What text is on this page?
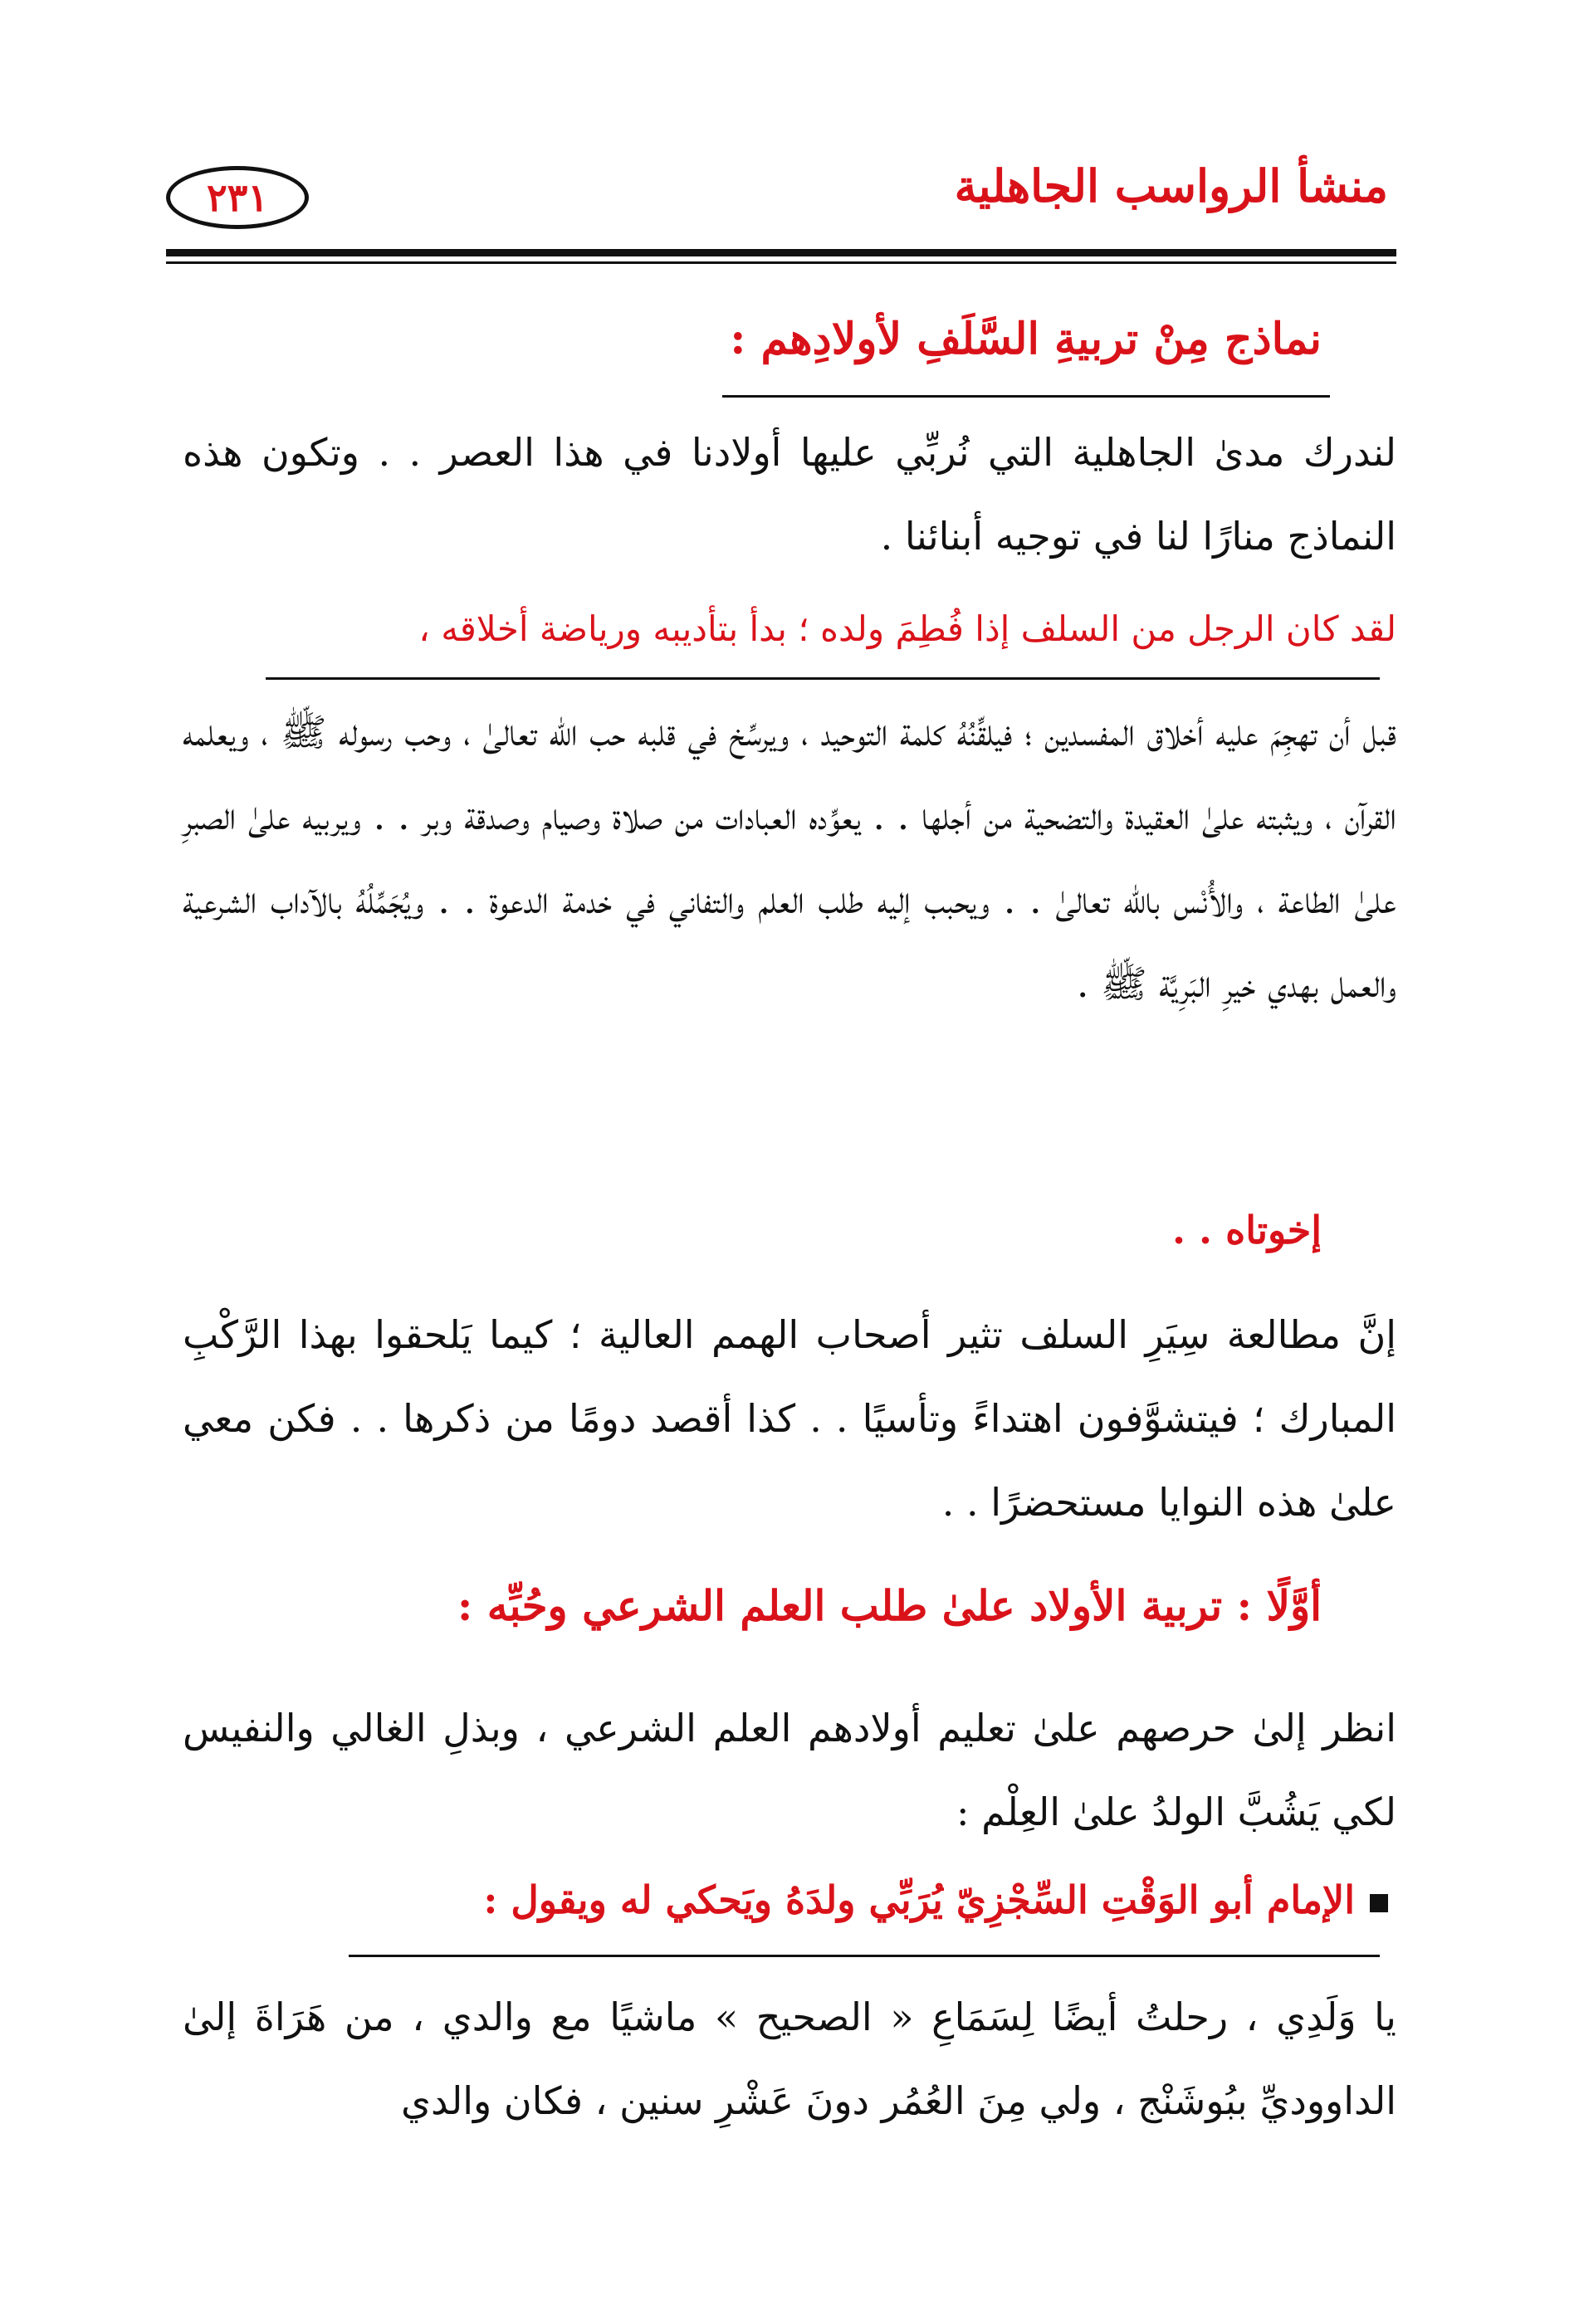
منشأ الرواسب الجاهلية
٢٣١
نماذج مِنْ تربيةِ السَّلَفِ لأولادِهم :

لندرك مدىٰ الجاهلية التي نُربِّي عليها أولادنا في هذا العصر . . وتكون هذه النماذج منارًا لنا في توجيه أبنائنا .

لقد كان الرجل من السلف إذا فُطِمَ ولده ؛ بدأ بتأديبه ورياضة أخلاقه ،

قبل أن تهجِمَ عليه أخلاق المفسدين ؛ فيلقِّنُهُ كلمة التوحيد ، ويرسِّخ في قلبه حب اللّٰه تعالىٰ ، وحب رسوله ﷺ ، ويعلمه القرآن ، ويثبته علىٰ العقيدة والتضحية من أجلها . . يعوِّده العبادات من صلاة وصيام وصدقة وبر . . ويربيه علىٰ الصبرِ علىٰ الطاعة ، والأُنْس باللّٰه تعالىٰ . . ويحبب إليه طلب العلم والتفاني في خدمة الدعوة . . ويُجَمِّلُهُ بالآداب الشرعية والعمل بهدي خيرِ البَرِيَّة ﷺ .

إخوتاه . .

إنَّ مطالعة سِيَرِ السلف تثير أصحاب الهمم العالية ؛ كيما يَلحقوا بهذا الرَّكْبِ المبارك ؛ فيتشوَّفون اهتداءً وتأسيًا . . كذا أقصد دومًا من ذكرها . . فكن معي علىٰ هذه النوايا مستحضرًا . .

أوَّلًا : تربية الأولاد علىٰ طلب العلم الشرعي وحُبِّه :

انظر إلىٰ حرصهم علىٰ تعليم أولادهم العلم الشرعي ، وبذلِ الغالي والنفيس لكي يَشُبَّ الولدُ علىٰ العِلْم :

الإمام أبو الوَقْتِ السِّجْزِيّ يُرَبِّي ولدَهُ ويَحكي له ويقول :

يا وَلَدِي ، رحلتُ أيضًا لِسَمَاعِ « الصحيح » ماشيًا مع والدي ، من هَرَاةَ إلىٰ الداووديِّ ببُوشَنْج ، ولي مِنَ العُمُر دونَ عَشْرِ سنين ، فكان والدي
